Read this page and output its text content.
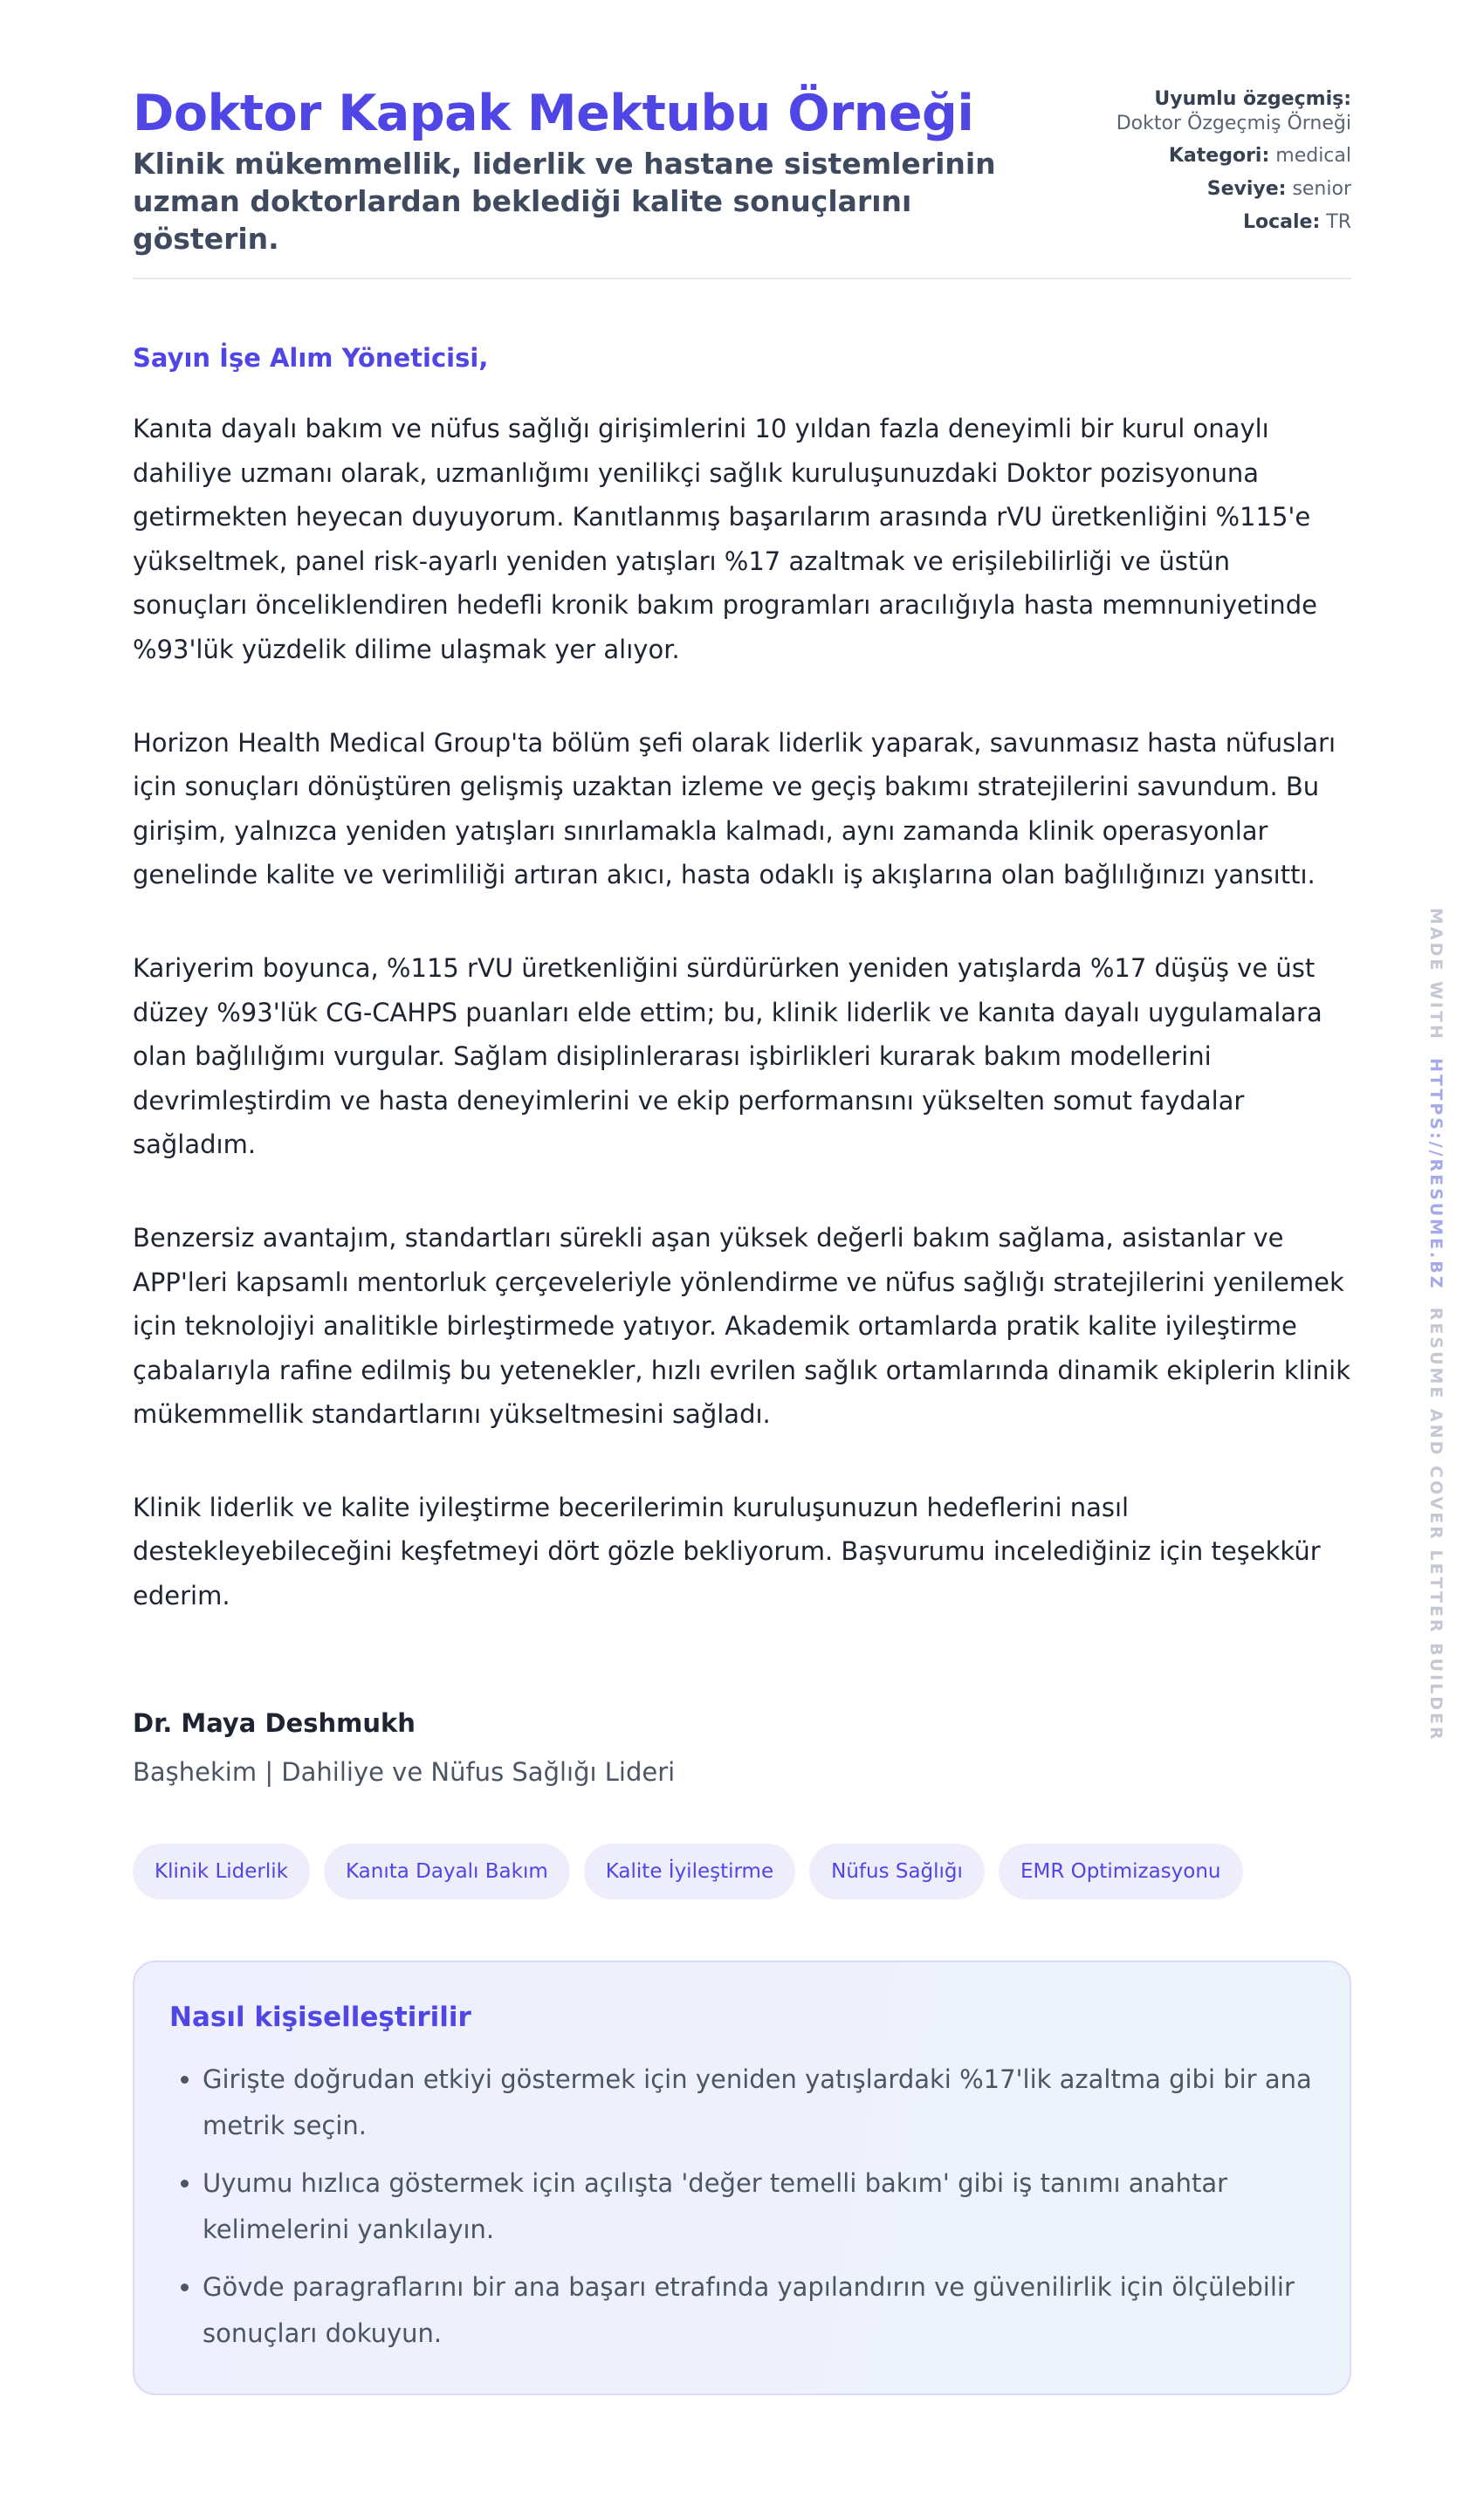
Doktor Kapak Mektubu Örneği

Klinik mükemmellik, liderlik ve hastane sistemlerinin uzman doktorlardan beklediği kalite sonuçlarını gösterin.

Uyumlu özgeçmiş:
Doktor Özgeçmiş Örneği
Kategori: medical
Seviye: senior
Locale: TR

Sayın İşe Alım Yöneticisi,

Kanıta dayalı bakım ve nüfus sağlığı girişimlerini 10 yıldan fazla deneyimli bir kurul onaylı dahiliye uzmanı olarak, uzmanlığımı yenilikçi sağlık kuruluşunuzdaki Doktor pozisyonuna getirmekten heyecan duyuyorum. Kanıtlanmış başarılarım arasında rVU üretkenliğini %115'e yükseltmek, panel risk-ayarlı yeniden yatışları %17 azaltmak ve erişilebilirliği ve üstün sonuçları önceliklendiren hedefli kronik bakım programları aracılığıyla hasta memnuniyetinde %93'lük yüzdelik dilime ulaşmak yer alıyor.

Horizon Health Medical Group'ta bölüm şefi olarak liderlik yaparak, savunmasız hasta nüfusları için sonuçları dönüştüren gelişmiş uzaktan izleme ve geçiş bakımı stratejilerini savundum. Bu girişim, yalnızca yeniden yatışları sınırlamakla kalmadı, aynı zamanda klinik operasyonlar genelinde kalite ve verimliliği artıran akıcı, hasta odaklı iş akışlarına olan bağlılığınızı yansıttı.

Kariyerim boyunca, %115 rVU üretkenliğini sürdürürken yeniden yatışlarda %17 düşüş ve üst düzey %93'lük CG-CAHPS puanları elde ettim; bu, klinik liderlik ve kanıta dayalı uygulamalara olan bağlılığımı vurgular. Sağlam disiplinlerarası işbirlikleri kurarak bakım modellerini devrimleştirdim ve hasta deneyimlerini ve ekip performansını yükselten somut faydalar sağladım.

Benzersiz avantajım, standartları sürekli aşan yüksek değerli bakım sağlama, asistanlar ve APP'leri kapsamlı mentorluk çerçeveleriyle yönlendirme ve nüfus sağlığı stratejilerini yenilemek için teknolojiyi analitikle birleştirmede yatıyor. Akademik ortamlarda pratik kalite iyileştirme çabalarıyla rafine edilmiş bu yetenekler, hızlı evrilen sağlık ortamlarında dinamik ekiplerin klinik mükemmellik standartlarını yükseltmesini sağladı.

Klinik liderlik ve kalite iyileştirme becerilerimin kuruluşunuzun hedeflerini nasıl destekleyebileceğini keşfetmeyi dört gözle bekliyorum. Başvurumu incelediğiniz için teşekkür ederim.

Dr. Maya Deshmukh

Başhekim | Dahiliye ve Nüfus Sağlığı Lideri

Klinik Liderlik	Kanıta Dayalı Bakım	Kalite İyileştirme	Nüfus Sağlığı	EMR Optimizasyonu
Nasıl kişiselleştirilir
• Girişte doğrudan etkiyi göstermek için yeniden yatışlardaki %17'lik azaltma gibi bir ana metrik seçin.
• Uyumu hızlıca göstermek için açılışta 'değer temelli bakım' gibi iş tanımı anahtar kelimelerini yankılayın.
• Gövde paragraflarını bir ana başarı etrafında yapılandırın ve güvenilirlik için ölçülebilir sonuçları dokuyun.
MADE WITH  HTTPS://RESUME.BZ  RESUME AND COVER LETTER BUILDER
